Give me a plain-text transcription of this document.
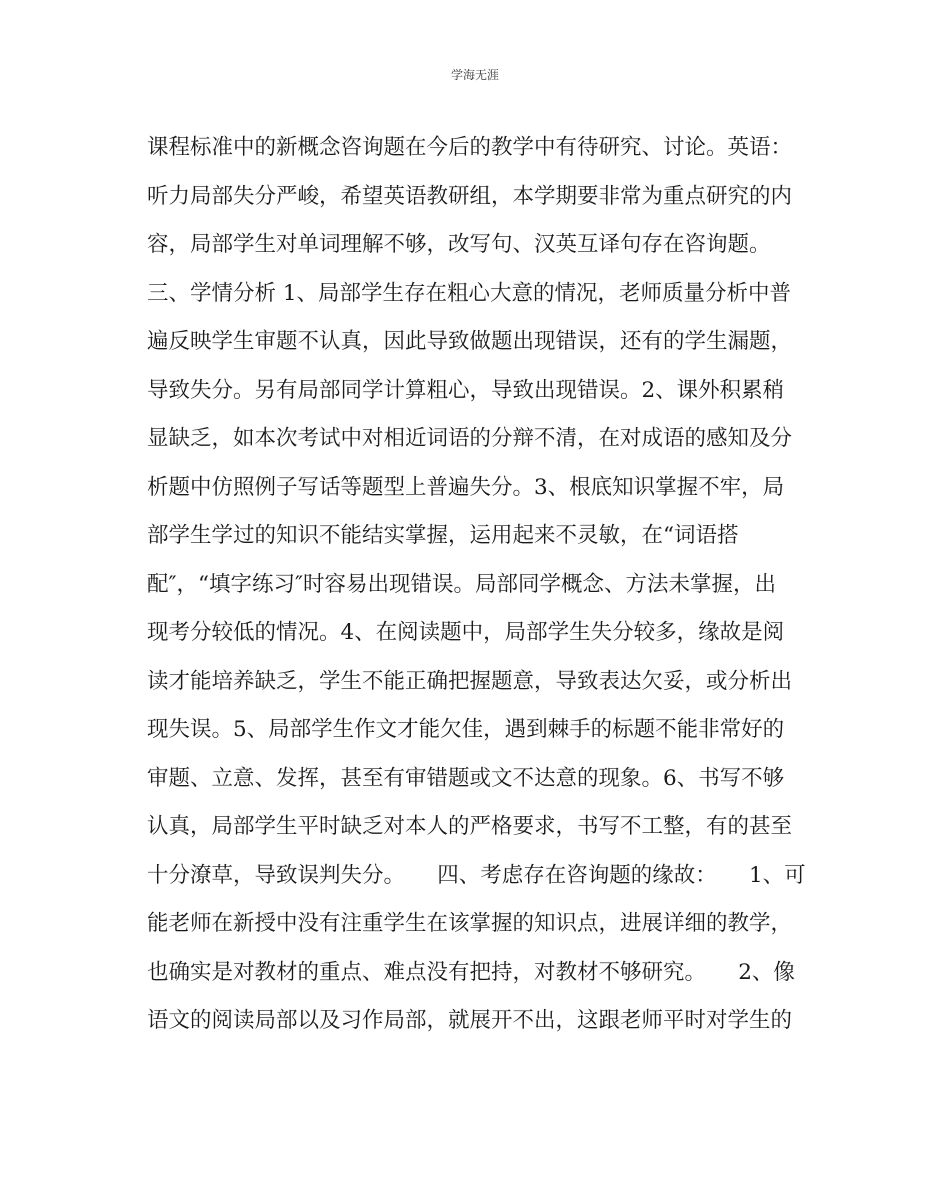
学海无涯
课程标准中的新概念咨询题在今后的教学中有待研究、讨论。英语：
听力局部失分严峻，希望英语教研组，本学期要非常为重点研究的内
容，局部学生对单词理解不够，改写句、汉英互译句存在咨询题。
三、学情分析 1、局部学生存在粗心大意的情况，老师质量分析中普
遍反映学生审题不认真，因此导致做题出现错误，还有的学生漏题，
导致失分。另有局部同学计算粗心，导致出现错误。2、课外积累稍
显缺乏，如本次考试中对相近词语的分辩不清，在对成语的感知及分
析题中仿照例子写话等题型上普遍失分。3、根底知识掌握不牢，局
部学生学过的知识不能结实掌握，运用起来不灵敏，在“词语搭
配″，“填字练习″时容易出现错误。局部同学概念、方法未掌握，出
现考分较低的情况。4、在阅读题中，局部学生失分较多，缘故是阅
读才能培养缺乏，学生不能正确把握题意，导致表达欠妥，或分析出
现失误。5、局部学生作文才能欠佳，遇到棘手的标题不能非常好的
审题、立意、发挥，甚至有审错题或文不达意的现象。6、书写不够
认真，局部学生平时缺乏对本人的严格要求，书写不工整，有的甚至
十分潦草，导致误判失分。　　四、考虑存在咨询题的缘故：　　1、可
能老师在新授中没有注重学生在该掌握的知识点，进展详细的教学，
也确实是对教材的重点、难点没有把持，对教材不够研究。　　2、像
语文的阅读局部以及习作局部，就展开不出，这跟老师平时对学生的
